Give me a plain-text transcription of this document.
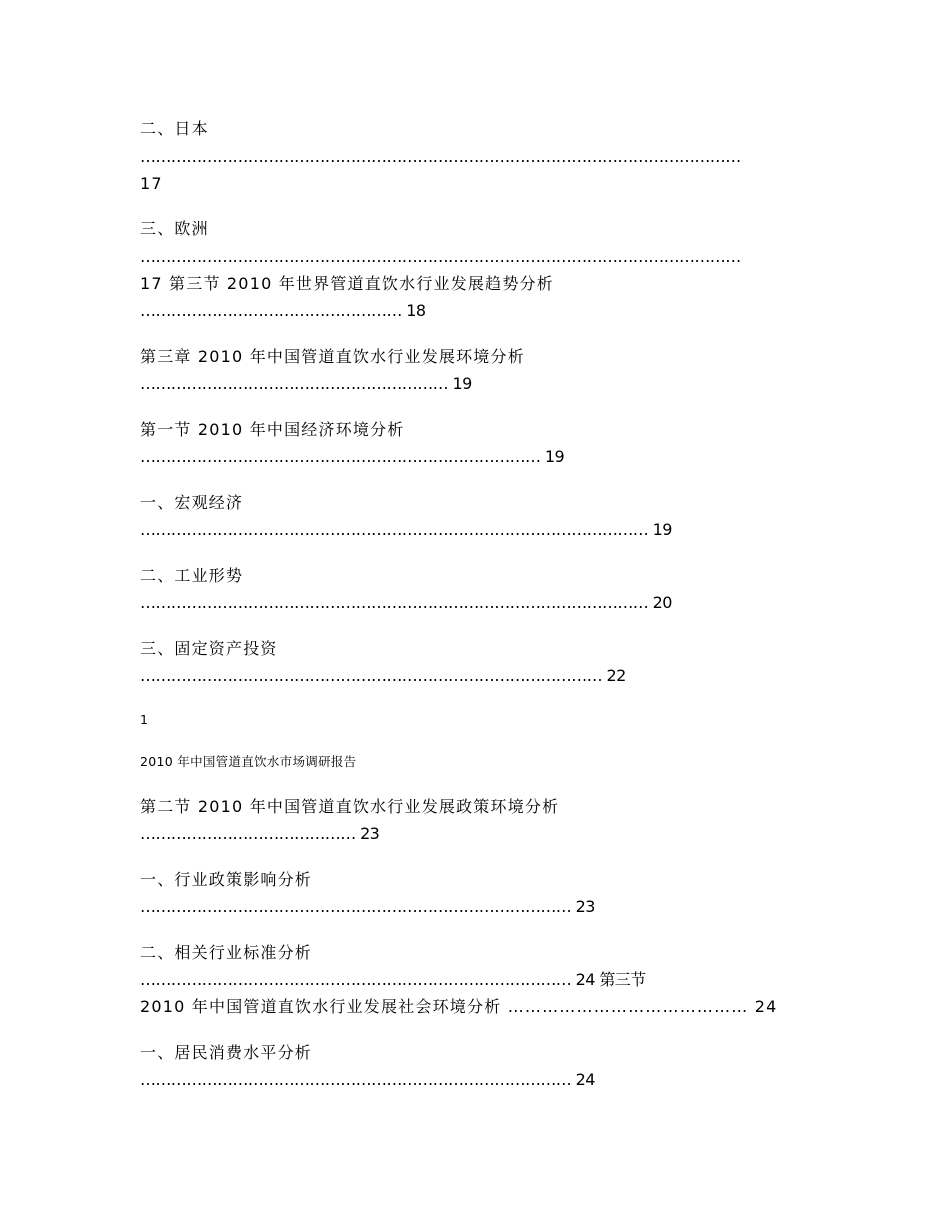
二、日本
………………………………………………………………………………………………………
17
三、欧洲
………………………………………………………………………………………………………
17 第三节 2010 年世界管道直饮水行业发展趋势分析
…………………………………………… 18
第三章 2010 年中国管道直饮水行业发展环境分析
…………………………………………………… 19
第一节 2010 年中国经济环境分析
…………………………………………………………………… 19
一、宏观经济
……………………………………………………………………………………… 19
二、工业形势
……………………………………………………………………………………… 20
三、固定资产投资
……………………………………………………………………………… 22
1
2010 年中国管道直饮水市场调研报告
第二节 2010 年中国管道直饮水行业发展政策环境分析
…………………………………… 23
一、行业政策影响分析
………………………………………………………………………… 23
二、相关行业标准分析
………………………………………………………………………… 24 第三节
2010 年中国管道直饮水行业发展社会环境分析 …………………………………… 24
一、居民消费水平分析
………………………………………………………………………… 24
